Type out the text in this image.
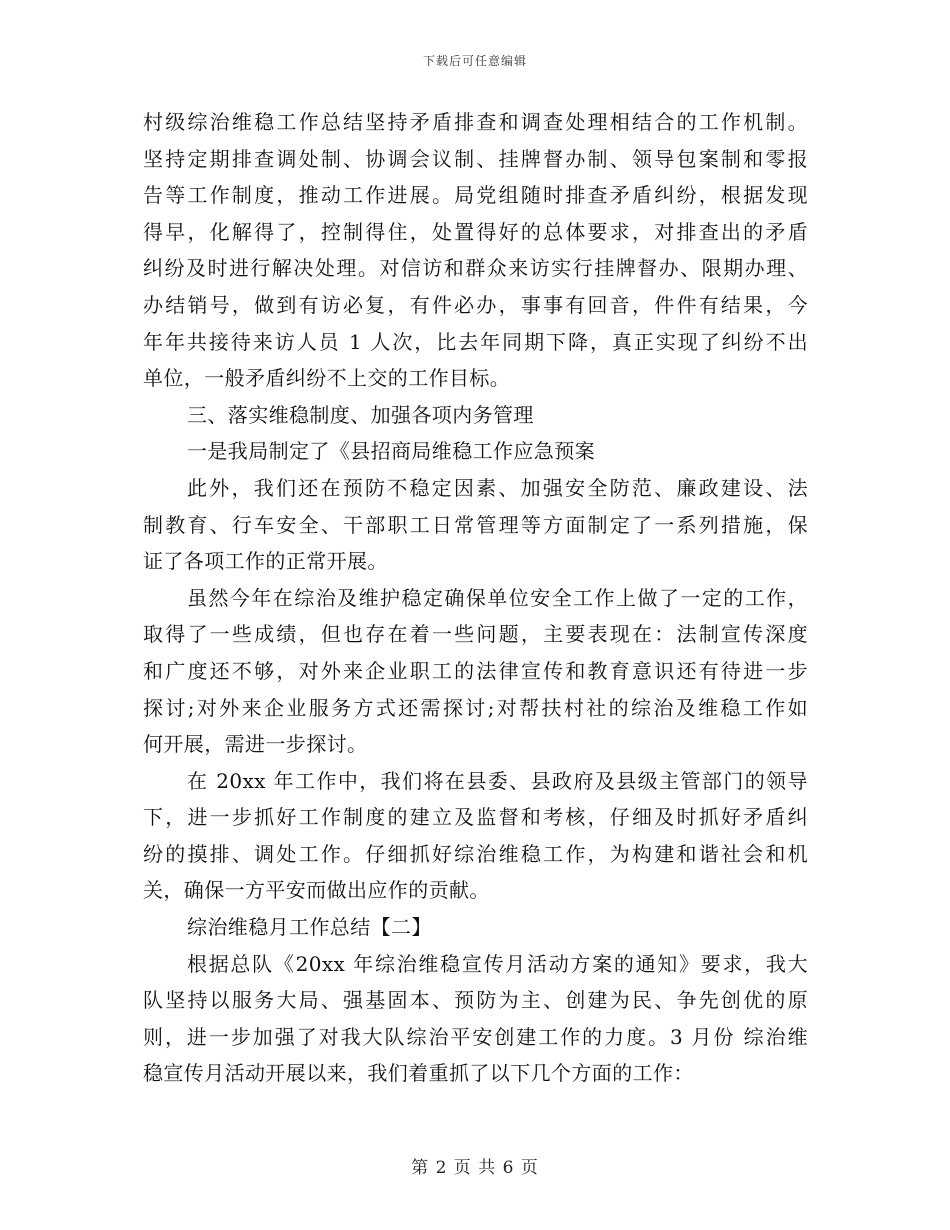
下载后可任意编辑
村级综治维稳工作总结坚持矛盾排查和调查处理相结合的工作机制。
坚持定期排查调处制、协调会议制、挂牌督办制、领导包案制和零报
告等工作制度，推动工作进展。局党组随时排查矛盾纠纷，根据发现
得早，化解得了，控制得住，处置得好的总体要求，对排查出的矛盾
纠纷及时进行解决处理。对信访和群众来访实行挂牌督办、限期办理、
办结销号，做到有访必复，有件必办，事事有回音，件件有结果，今
年年共接待来访人员 1 人次，比去年同期下降，真正实现了纠纷不出
单位，一般矛盾纠纷不上交的工作目标。
三、落实维稳制度、加强各项内务管理
一是我局制定了《县招商局维稳工作应急预案
此外，我们还在预防不稳定因素、加强安全防范、廉政建设、法
制教育、行车安全、干部职工日常管理等方面制定了一系列措施，保
证了各项工作的正常开展。
虽然今年在综治及维护稳定确保单位安全工作上做了一定的工作，
取得了一些成绩，但也存在着一些问题，主要表现在：法制宣传深度
和广度还不够，对外来企业职工的法律宣传和教育意识还有待进一步
探讨;对外来企业服务方式还需探讨;对帮扶村社的综治及维稳工作如
何开展，需进一步探讨。
在 20xx 年工作中，我们将在县委、县政府及县级主管部门的领导
下，进一步抓好工作制度的建立及监督和考核，仔细及时抓好矛盾纠
纷的摸排、调处工作。仔细抓好综治维稳工作，为构建和谐社会和机
关，确保一方平安而做出应作的贡献。
综治维稳月工作总结【二】
根据总队《20xx 年综治维稳宣传月活动方案的通知》要求，我大
队坚持以服务大局、强基固本、预防为主、创建为民、争先创优的原
则，进一步加强了对我大队综治平安创建工作的力度。3 月份 综治维
稳宣传月活动开展以来，我们着重抓了以下几个方面的工作：
第 2 页 共 6 页
